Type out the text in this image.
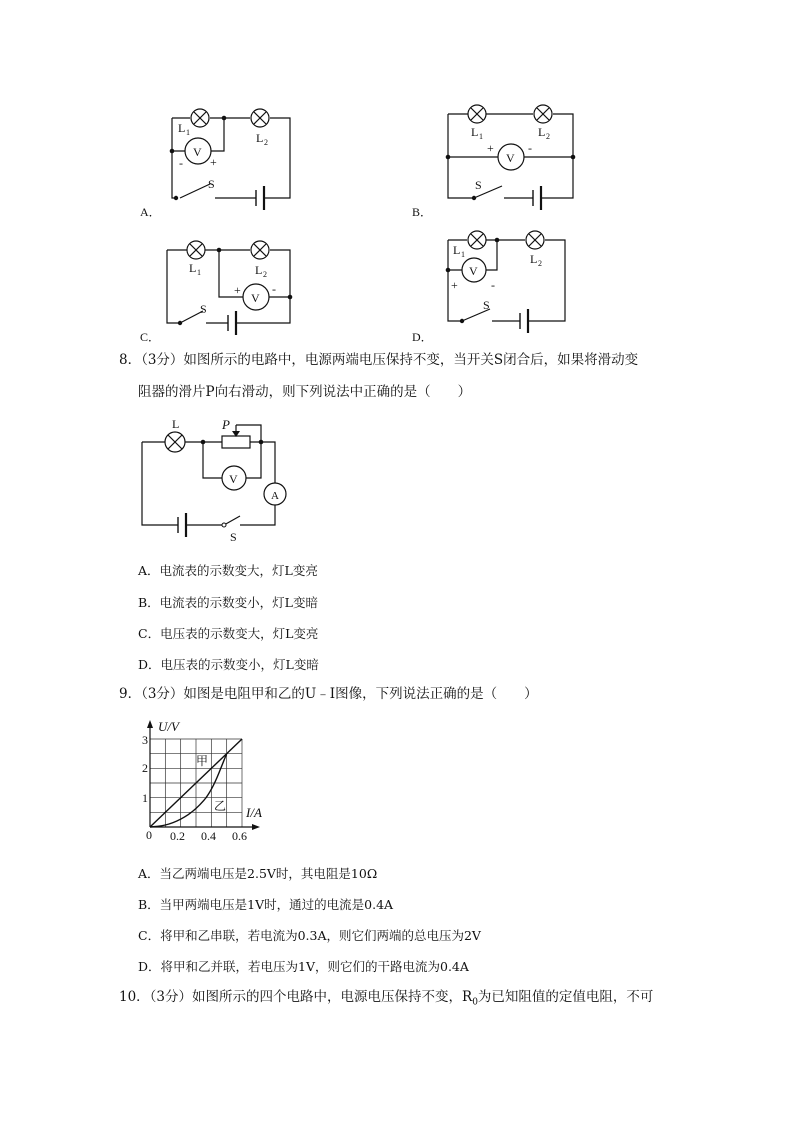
L 1	L 2
V
- +
S
A．
L 1	L 2
V
+	-
S
B．
L 1	L 2
V
+	-
S
C．
L 1	L 2
V
+	-
S
D．
8．（3分）如图所示的电路中，电源两端电压保持不变，当开关S闭合后，如果将滑动变
阻器的滑片P向右滑动，则下列说法中正确的是（　　）
L	P
V
A
S
A．电流表的示数变大，灯L变亮
B．电流表的示数变小，灯L变暗
C．电压表的示数变大，灯L变亮
D．电压表的示数变小，灯L变暗
9．（3分）如图是电阻甲和乙的U﹣I图像，下列说法正确的是（　　）
U/V
I/A
0
1
2
3
0.2 0.4 0.6
甲
乙
A．当乙两端电压是2.5V时，其电阻是10Ω
B．当甲两端电压是1V时，通过的电流是0.4A
C．将甲和乙串联，若电流为0.3A，则它们两端的总电压为2V
D．将甲和乙并联，若电压为1V，则它们的干路电流为0.4A
10．（3分）如图所示的四个电路中，电源电压保持不变，$R_0$为已知阻值的定值电阻，不可
